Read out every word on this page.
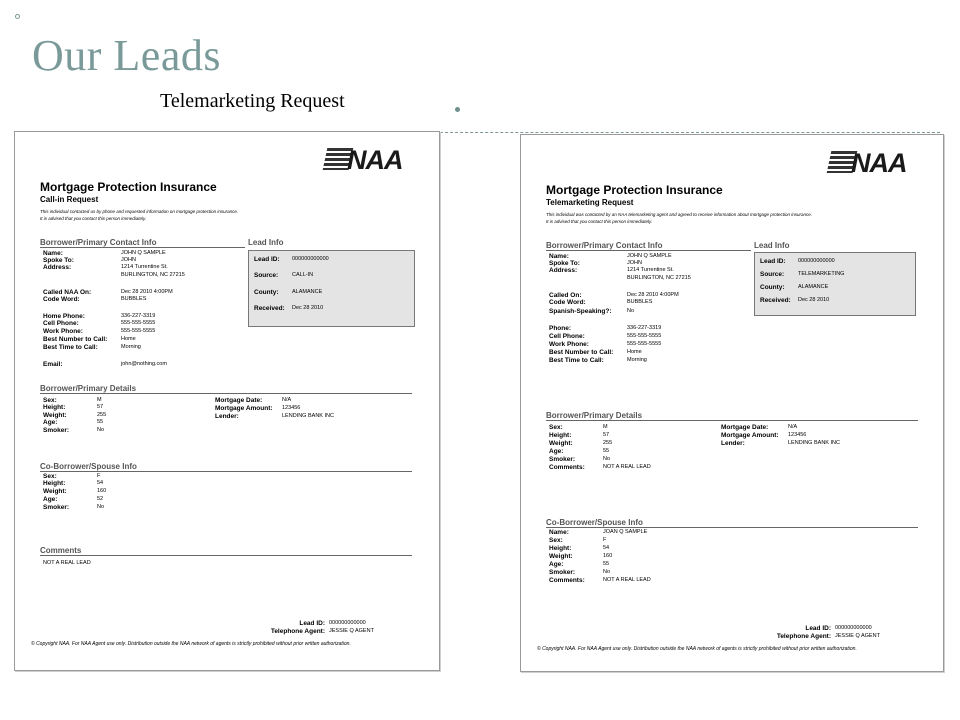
Our Leads
Telemarketing Request
NAA
Mortgage Protection Insurance
Call-in Request
This individual contacted us by phone and requested information on mortgage protection insurance.
It is advised that you contact this person immediately.
Borrower/Primary Contact Info
Name:	JOHN Q SAMPLE
Spoke To:	JOHN
Address:	1214 Turrentine St.
BURLINGTON, NC 27215
Called NAA On:	Dec 28 2010 4:00PM
Code Word:	BUBBLES
Home Phone:	336-227-3319
Cell Phone:	555-555-5555
Work Phone:	555-555-5555
Best Number to Call: Home
Best Time to Call:	Morning
Email:	john@nothing.com
Lead Info
Lead ID: 000000000000
Source:	CALL-IN
County: ALAMANCE
Received: Dec 28 2010
Borrower/Primary Details
Sex:	M
Height:	57
Weight:	255
Age:	55
Smoker:	No
Mortgage Date:	N/A
Mortgage Amount: 123456
Lender:	LENDING BANK INC
Co-Borrower/Spouse Info
Sex:	F
Height:	54
Weight:	160
Age:	52
Smoker:	No
Comments
NOT A REAL LEAD
Lead ID: 000000000000
Telephone Agent: JESSIE Q AGENT
© Copyright NAA. For NAA Agent use only. Distribution outside the NAA network of agents is strictly prohibited without prior written authorization.
NAA
Mortgage Protection Insurance
Telemarketing Request
This individual was contacted by an NAA telemarketing agent and agreed to receive information about mortgage protection insurance.
It is advised that you contact this person immediately.
Borrower/Primary Contact Info
Name:	JOHN Q SAMPLE
Spoke To:	JOHN
Address:	1214 Turrentine St.
BURLINGTON, NC 27215
Called On:	Dec 28 2010 4:00PM
Code Word:	BUBBLES
Spanish-Speaking?:	No
Phone:	336-227-3319
Cell Phone:	555-555-5555
Work Phone:	555-555-5555
Best Number to Call: Home
Best Time to Call:	Morning
Lead Info
Lead ID: 000000000000
Source:	TELEMARKETING
County: ALAMANCE
Received: Dec 28 2010
Borrower/Primary Details
Sex:	M
Height:	57
Weight:	255
Age:	55
Smoker:	No
Comments:	NOT A REAL LEAD
Mortgage Date:	N/A
Mortgage Amount: 123456
Lender:	LENDING BANK INC
Co-Borrower/Spouse Info
Name:	JOAN Q SAMPLE
Sex:	F
Height:	54
Weight:	160
Age:	55
Smoker:	No
Comments:	NOT A REAL LEAD
Lead ID: 000000000000
Telephone Agent: JESSIE Q AGENT
© Copyright NAA. For NAA Agent use only. Distribution outside the NAA network of agents is strictly prohibited without prior written authorization.
